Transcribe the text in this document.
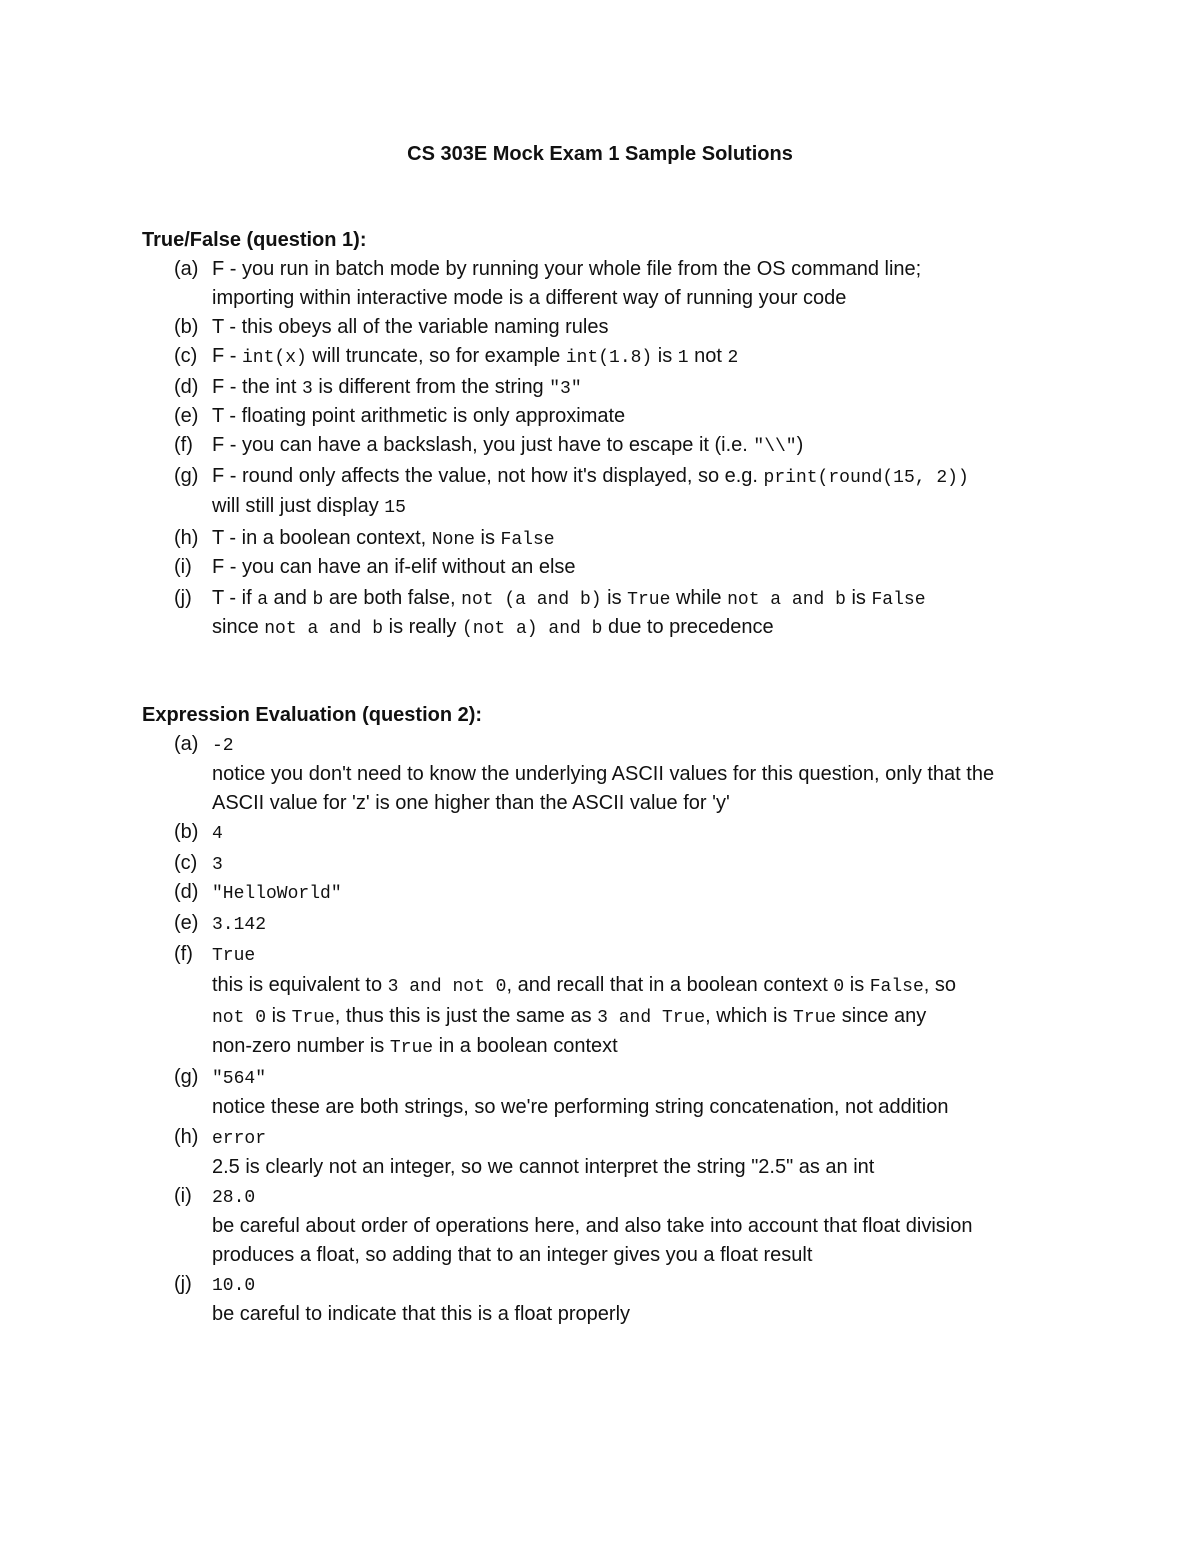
CS 303E Mock Exam 1 Sample Solutions
True/False (question 1):
(a) F - you run in batch mode by running your whole file from the OS command line;
importing within interactive mode is a different way of running your code
(b) T - this obeys all of the variable naming rules
(c) F - int(x) will truncate, so for example int(1.8) is 1 not 2
(d) F - the int 3 is different from the string "3"
(e) T - floating point arithmetic is only approximate
(f) F - you can have a backslash, you just have to escape it (i.e. "\\")
(g) F - round only affects the value, not how it's displayed, so e.g. print(round(15, 2))
will still just display 15
(h) T - in a boolean context, None is False
(i) F - you can have an if-elif without an else
(j) T - if a and b are both false, not (a and b) is True while not a and b is False
since not a and b is really (not a) and b due to precedence
Expression Evaluation (question 2):
(a) -2
notice you don't need to know the underlying ASCII values for this question, only that the
ASCII value for 'z' is one higher than the ASCII value for 'y'
(b) 4
(c) 3
(d) "HelloWorld"
(e) 3.142
(f) True
this is equivalent to 3 and not 0, and recall that in a boolean context 0 is False, so
not 0 is True, thus this is just the same as 3 and True, which is True since any
non-zero number is True in a boolean context
(g) "564"
notice these are both strings, so we're performing string concatenation, not addition
(h) error
2.5 is clearly not an integer, so we cannot interpret the string "2.5" as an int
(i) 28.0
be careful about order of operations here, and also take into account that float division
produces a float, so adding that to an integer gives you a float result
(j) 10.0
be careful to indicate that this is a float properly
